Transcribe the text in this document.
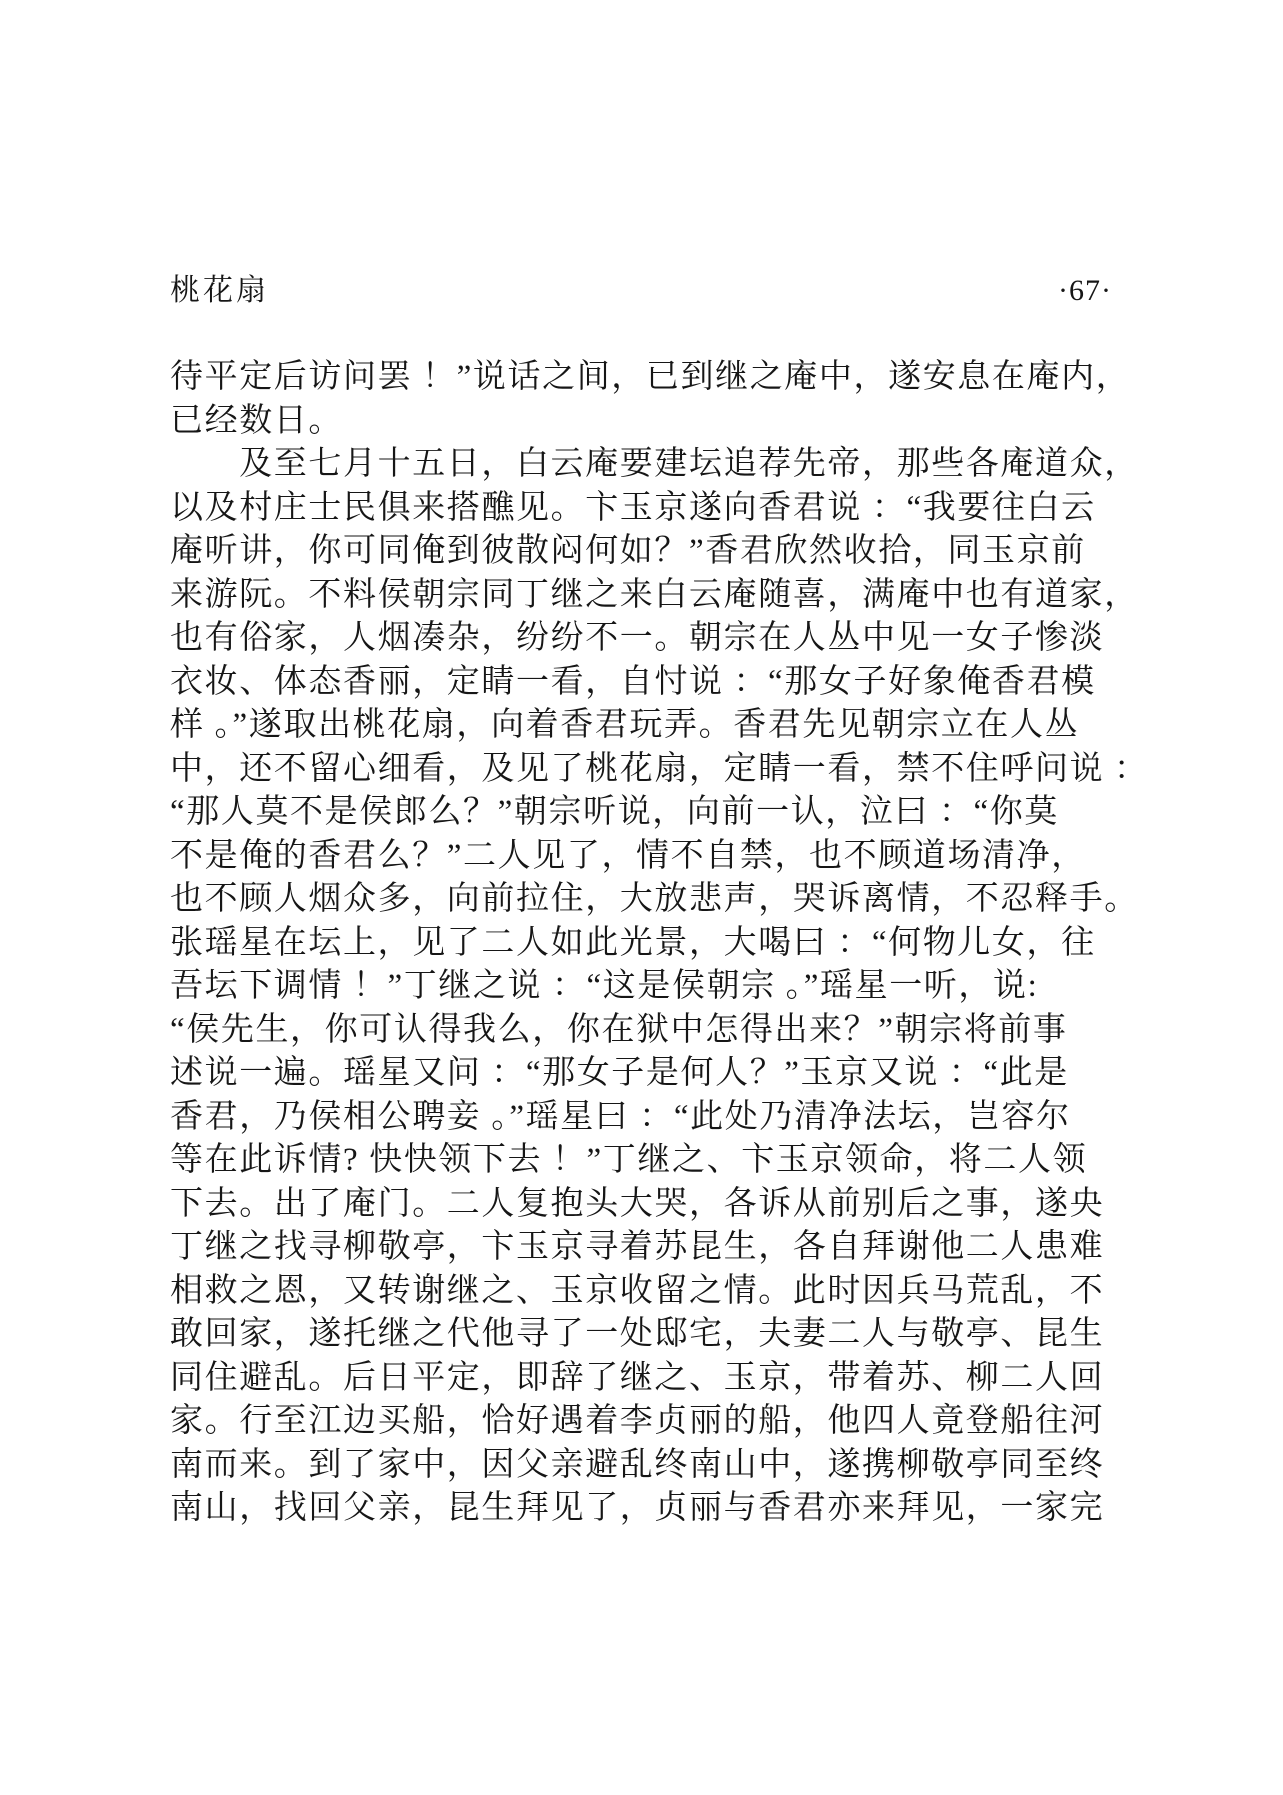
桃花扇	·67·
待平定后访问罢 ！”说话之间，已到继之庵中，遂安息在庵内，
已经数日。
　　及至七月十五日，白云庵要建坛追荐先帝，那些各庵道众，
以及村庄士民俱来搭醮见。卞玉京遂向香君说 ：“我要往白云
庵听讲，你可同俺到彼散闷何如？”香君欣然收拾，同玉京前
来游阮。不料侯朝宗同丁继之来白云庵随喜，满庵中也有道家，
也有俗家，人烟凑杂，纷纷不一。朝宗在人丛中见一女子惨淡
衣妆、体态香丽，定睛一看，自忖说 ：“那女子好象俺香君模
样 。”遂取出桃花扇，向着香君玩弄。香君先见朝宗立在人丛
中，还不留心细看，及见了桃花扇，定睛一看，禁不住呼问说 ：
“那人莫不是侯郎么？”朝宗听说，向前一认，泣曰 ：“你莫
不是俺的香君么？”二人见了，情不自禁，也不顾道场清净，
也不顾人烟众多，向前拉住，大放悲声，哭诉离情，不忍释手。
张瑶星在坛上，见了二人如此光景，大喝曰 ：“何物儿女，往
吾坛下调情 ！”丁继之说 ：“这是侯朝宗 。”瑶星一听，说:
“侯先生，你可认得我么，你在狱中怎得出来？”朝宗将前事
述说一遍。瑶星又问 ：“那女子是何人？”玉京又说 ：“此是
香君，乃侯相公聘妾 。”瑶星曰 ：“此处乃清净法坛，岂容尔
等在此诉情? 快快领下去 ！”丁继之、卞玉京领命，将二人领
下去。出了庵门。二人复抱头大哭，各诉从前别后之事，遂央
丁继之找寻柳敬亭，卞玉京寻着苏昆生，各自拜谢他二人患难
相救之恩，又转谢继之、玉京收留之情。此时因兵马荒乱，不
敢回家，遂托继之代他寻了一处邸宅，夫妻二人与敬亭、昆生
同住避乱。后日平定，即辞了继之、玉京，带着苏、柳二人回
家。行至江边买船，恰好遇着李贞丽的船，他四人竟登船往河
南而来。到了家中，因父亲避乱终南山中，遂携柳敬亭同至终
南山，找回父亲，昆生拜见了，贞丽与香君亦来拜见，一家完
